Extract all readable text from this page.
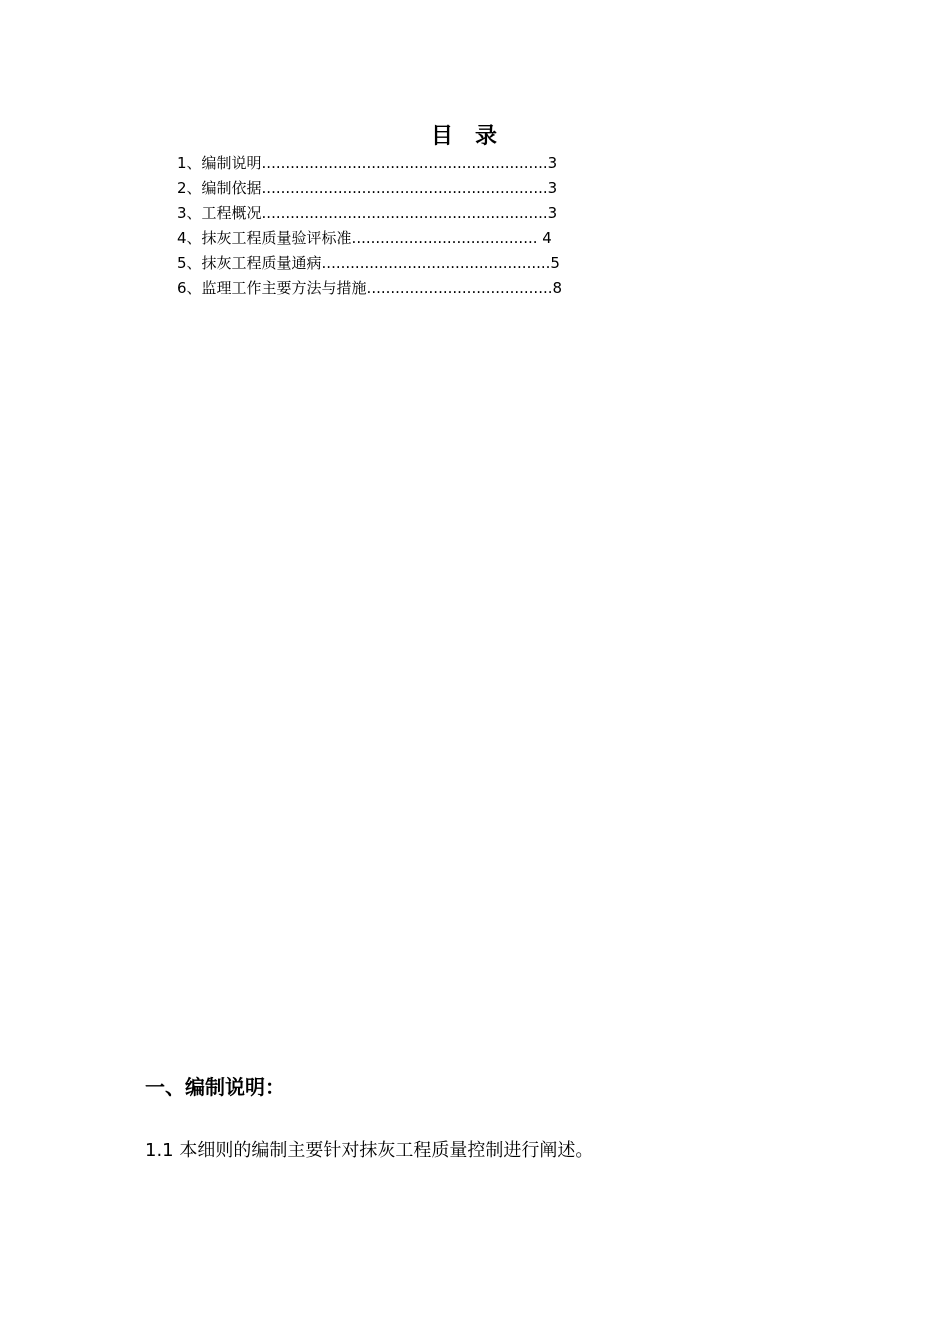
目录
1、编制说明............................................................3
2、编制依据............................................................3
3、工程概况............................................................3
4、抹灰工程质量验评标准....................................... 4
5、抹灰工程质量通病................................................5
6、监理工作主要方法与措施.......................................8
一、编制说明：
1.1 本细则的编制主要针对抹灰工程质量控制进行阐述。
